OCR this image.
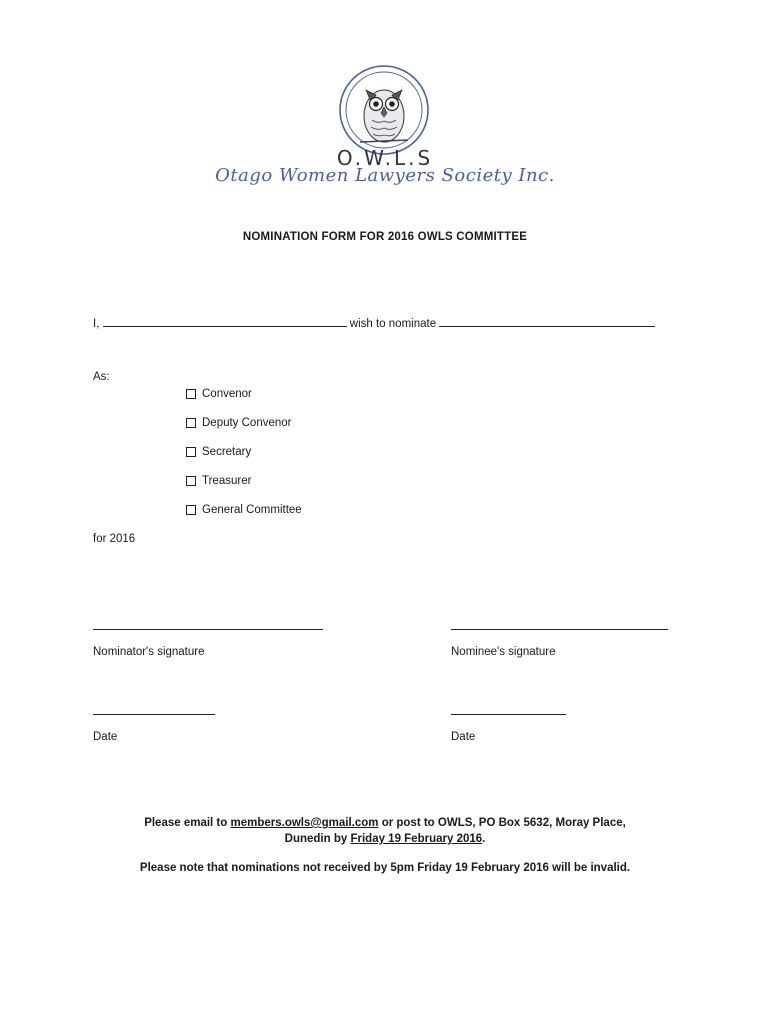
O.W.L.S
Otago Women Lawyers Society Inc.
NOMINATION FORM FOR 2016 OWLS COMMITTEE
I,	wish to nominate
As:
Convenor
Deputy Convenor
Secretary
Treasurer
General Committee
for 2016
Nominator's signature	Nominee's signature
Date	Date
Please email to members.owls@gmail.com or post to OWLS, PO Box 5632, Moray Place,
Dunedin by Friday 19 February 2016.
Please note that nominations not received by 5pm Friday 19 February 2016 will be invalid.
